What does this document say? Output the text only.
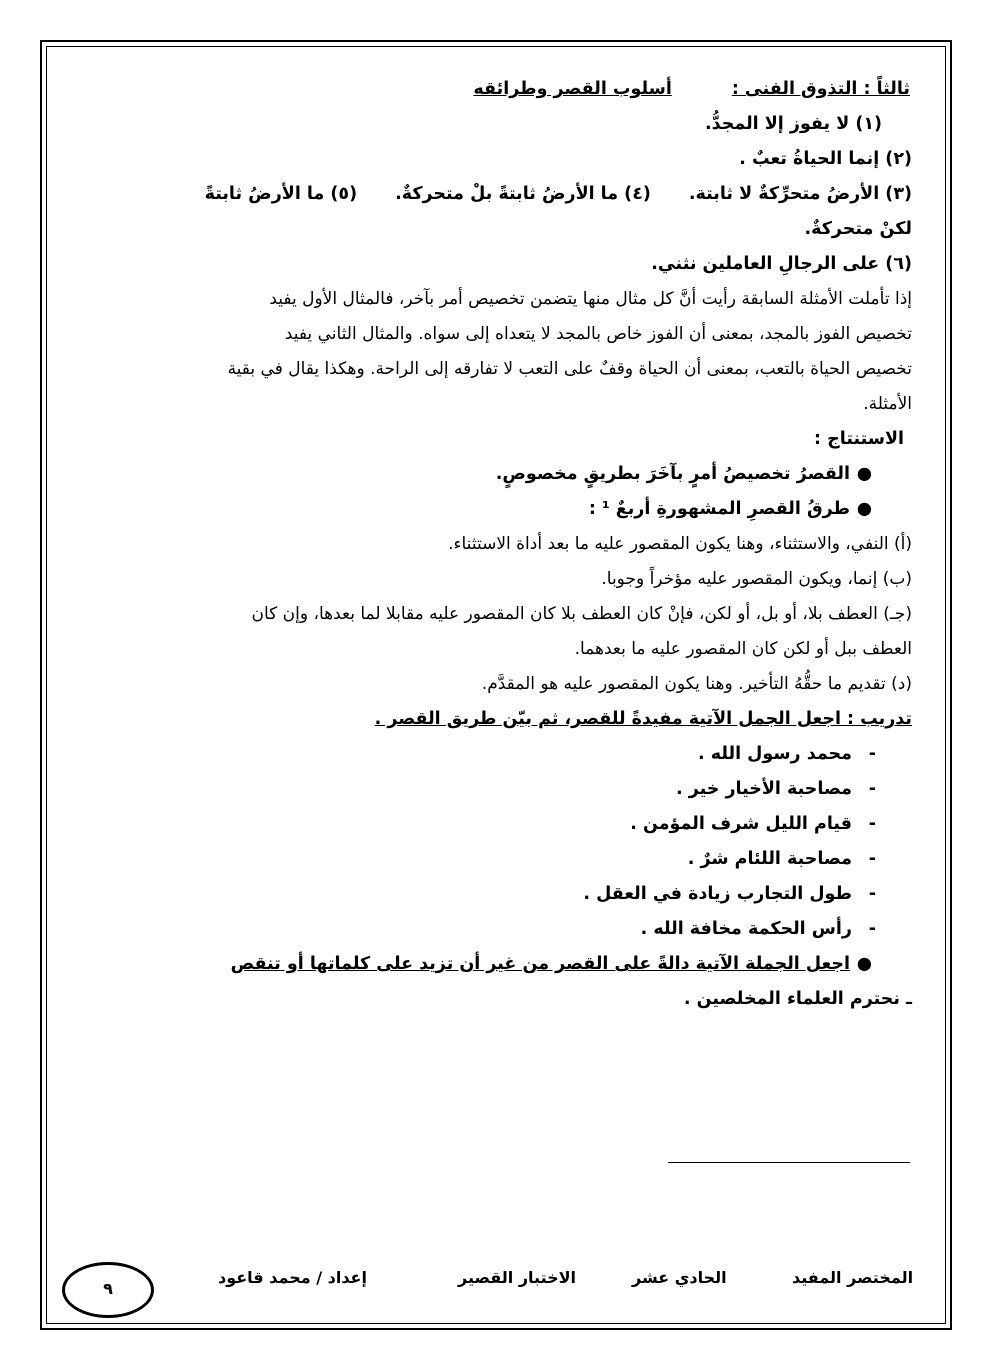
ثالثاً : التذوق الفنى :أسلوب القصر وطرائقه
(١) لا يفوز إلا المجدُّ.
(٢) إنما الحياةُ تعبٌ .
(٣) الأرضُ متحرِّكةٌ لا ثابتة.(٤) ما الأرضُ ثابتةً بلْ متحركةٌ.(٥) ما الأرضُ ثابتةً
لكنْ متحركةٌ.
(٦) على الرجالِ العاملين نثني.
إذا تأملت الأمثلة السابقة رأيت أنَّ كل مثال منها يتضمن تخصيص أمر بآخر، فالمثال الأول يفيد
تخصيص الفوز بالمجد، بمعنى أن الفوز خاص بالمجد لا يتعداه إلى سواه. والمثال الثاني يفيد
تخصيص الحياة بالتعب، بمعنى أن الحياة وقفٌ على التعب لا تفارقه إلى الراحة. وهكذا يقال في بقية
الأمثلة.
الاستنتاج :
●
القصرُ تخصيصُ أمرٍ بآخَرَ بطريقٍ مخصوصٍ.
●
طرقُ القصرِ المشهورةِ أربعٌ ¹ :
(أ) النفي، والاستثناء، وهنا يكون المقصور عليه ما بعد أداة الاستثناء.
(ب) إنما، ويكون المقصور عليه مؤخراً وجوبا.
(جـ) العطف بلا، أو بل، أو لكن، فإنْ كان العطف بلا كان المقصور عليه مقابلا لما بعدها، وإن كان
العطف ببل أو لكن كان المقصور عليه ما بعدهما.
(د) تقديم ما حقُّهُ التأخير. وهنا يكون المقصور عليه هو المقدَّم.
تدريب : اجعل الجمل الآتية مفيدةً للقصر، ثم بيّن طريق القصر .
-
محمد رسول الله .
-
مصاحبة الأخيار خير .
-
قيام الليل شرف المؤمن .
-
مصاحبة اللئام شرٌ .
-
طول التجارب زيادة في العقل .
-
رأس الحكمة مخافة الله .
●
اجعل الجملة الآتية دالةً على القصر من غير أن تزيد على كلماتها أو تنقص
ـ نحترم العلماء المخلصين .
المختصر المفيد
الحادي عشر
الاختبار القصير
إعداد / محمد قاعود
٩
